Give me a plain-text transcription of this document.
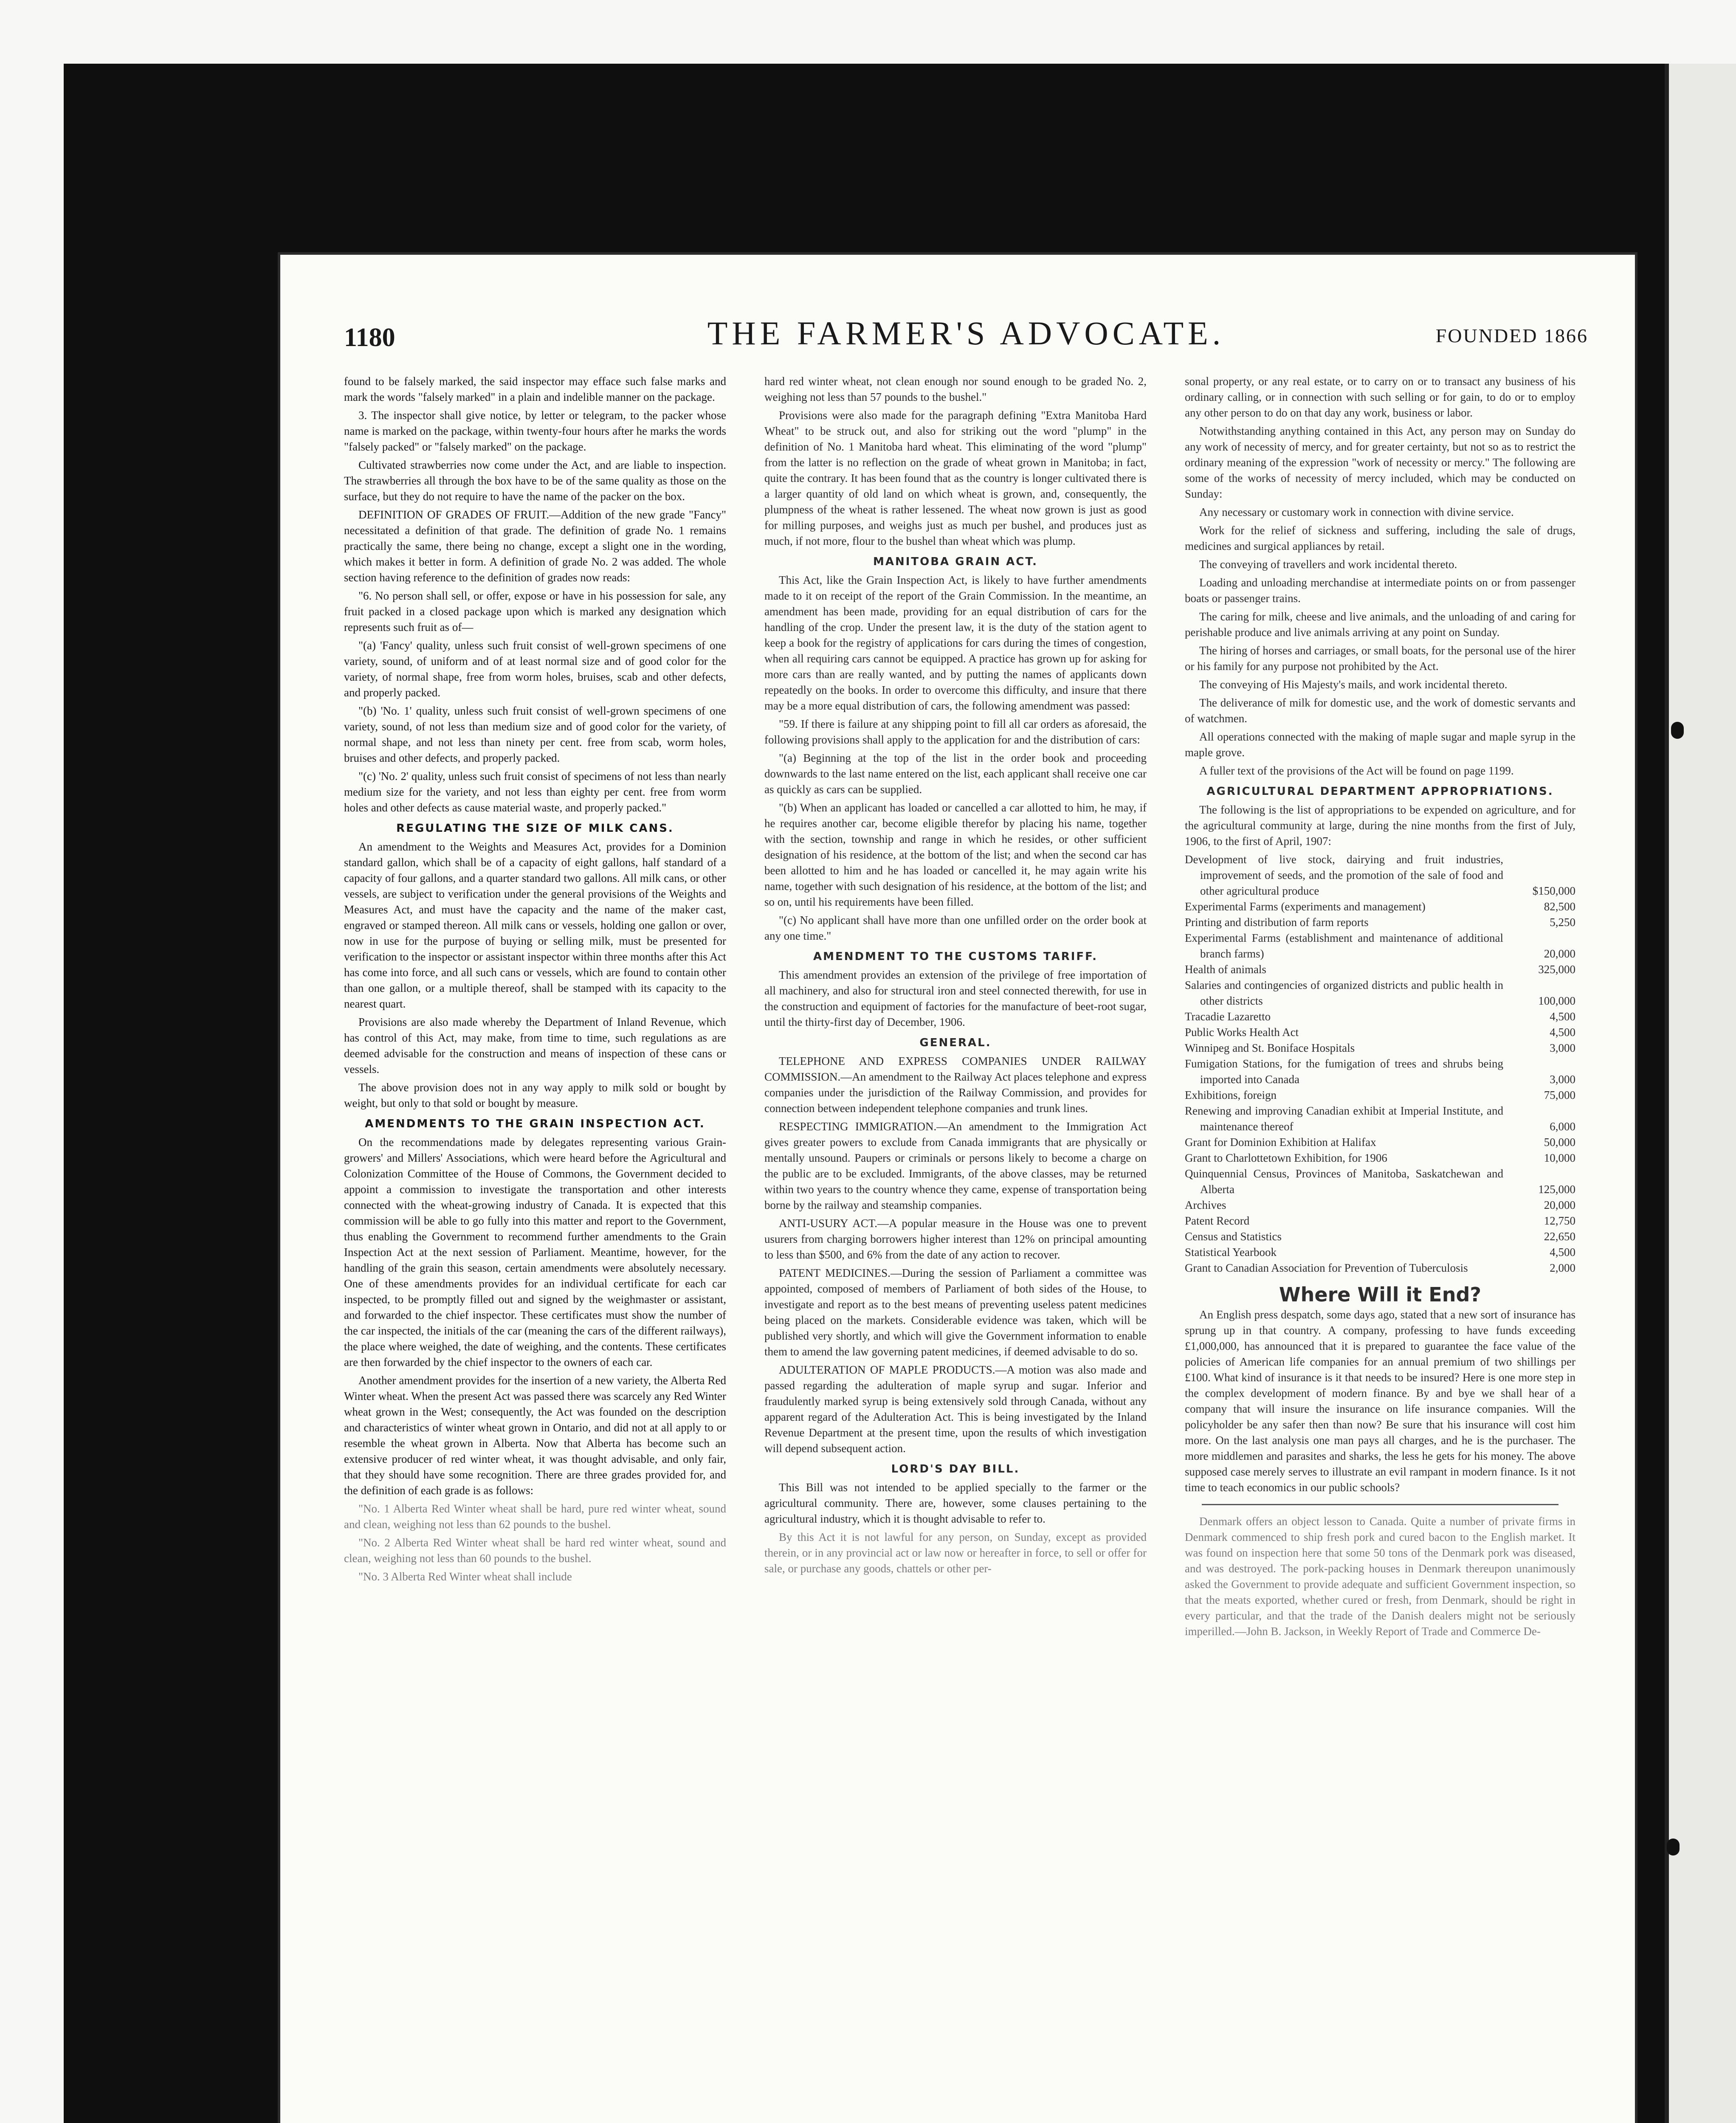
1180	THE FARMER'S ADVOCATE.	FOUNDED 1866

found to be falsely marked, the said inspector may efface such false marks and mark the words "falsely marked" in a plain and indelible manner on the package.

3. The inspector shall give notice, by letter or telegram, to the packer whose name is marked on the package, within twenty-four hours after he marks the words "falsely packed" or "falsely marked" on the package.

Cultivated strawberries now come under the Act, and are liable to inspection. The strawberries all through the box have to be of the same quality as those on the surface, but they do not require to have the name of the packer on the box.

DEFINITION OF GRADES OF FRUIT.—Addition of the new grade "Fancy" necessitated a definition of that grade. The definition of grade No. 1 remains practically the same, there being no change, except a slight one in the wording, which makes it better in form. A definition of grade No. 2 was added. The whole section having reference to the definition of grades now reads:

"6. No person shall sell, or offer, expose or have in his possession for sale, any fruit packed in a closed package upon which is marked any designation which represents such fruit as of—

"(a) 'Fancy' quality, unless such fruit consist of well-grown specimens of one variety, sound, of uniform and of at least normal size and of good color for the variety, of normal shape, free from worm holes, bruises, scab and other defects, and properly packed.

"(b) 'No. 1' quality, unless such fruit consist of well-grown specimens of one variety, sound, of not less than medium size and of good color for the variety, of normal shape, and not less than ninety per cent. free from scab, worm holes, bruises and other defects, and properly packed.

"(c) 'No. 2' quality, unless such fruit consist of specimens of not less than nearly medium size for the variety, and not less than eighty per cent. free from worm holes and other defects as cause material waste, and properly packed."

REGULATING THE SIZE OF MILK CANS.

An amendment to the Weights and Measures Act, provides for a Dominion standard gallon, which shall be of a capacity of eight gallons, half standard of a capacity of four gallons, and a quarter standard two gallons. All milk cans, or other vessels, are subject to verification under the general provisions of the Weights and Measures Act, and must have the capacity and the name of the maker cast, engraved or stamped thereon. All milk cans or vessels, holding one gallon or over, now in use for the purpose of buying or selling milk, must be presented for verification to the inspector or assistant inspector within three months after this Act has come into force, and all such cans or vessels, which are found to contain other than one gallon, or a multiple thereof, shall be stamped with its capacity to the nearest quart.

Provisions are also made whereby the Department of Inland Revenue, which has control of this Act, may make, from time to time, such regulations as are deemed advisable for the construction and means of inspection of these cans or vessels.

The above provision does not in any way apply to milk sold or bought by weight, but only to that sold or bought by measure.

AMENDMENTS TO THE GRAIN INSPECTION ACT.

On the recommendations made by delegates representing various Grain-growers' and Millers' Associations, which were heard before the Agricultural and Colonization Committee of the House of Commons, the Government decided to appoint a commission to investigate the transportation and other interests connected with the wheat-growing industry of Canada. It is expected that this commission will be able to go fully into this matter and report to the Government, thus enabling the Government to recommend further amendments to the Grain Inspection Act at the next session of Parliament. Meantime, however, for the handling of the grain this season, certain amendments were absolutely necessary. One of these amendments provides for an individual certificate for each car inspected, to be promptly filled out and signed by the weighmaster or assistant, and forwarded to the chief inspector. These certificates must show the number of the car inspected, the initials of the car (meaning the cars of the different railways), the place where weighed, the date of weighing, and the contents. These certificates are then forwarded by the chief inspector to the owners of each car.

Another amendment provides for the insertion of a new variety, the Alberta Red Winter wheat. When the present Act was passed there was scarcely any Red Winter wheat grown in the West; consequently, the Act was founded on the description and characteristics of winter wheat grown in Ontario, and did not at all apply to or resemble the wheat grown in Alberta. Now that Alberta has become such an extensive producer of red winter wheat, it was thought advisable, and only fair, that they should have some recognition. There are three grades provided for, and the definition of each grade is as follows:

"No. 1 Alberta Red Winter wheat shall be hard, pure red winter wheat, sound and clean, weighing not less than 62 pounds to the bushel.

"No. 2 Alberta Red Winter wheat shall be hard red winter wheat, sound and clean, weighing not less than 60 pounds to the bushel.

"No. 3 Alberta Red Winter wheat shall include

hard red winter wheat, not clean enough nor sound enough to be graded No. 2, weighing not less than 57 pounds to the bushel."

Provisions were also made for the paragraph defining "Extra Manitoba Hard Wheat" to be struck out, and also for striking out the word "plump" in the definition of No. 1 Manitoba hard wheat. This eliminating of the word "plump" from the latter is no reflection on the grade of wheat grown in Manitoba; in fact, quite the contrary. It has been found that as the country is longer cultivated there is a larger quantity of old land on which wheat is grown, and, consequently, the plumpness of the wheat is rather lessened. The wheat now grown is just as good for milling purposes, and weighs just as much per bushel, and produces just as much, if not more, flour to the bushel than wheat which was plump.

MANITOBA GRAIN ACT.

This Act, like the Grain Inspection Act, is likely to have further amendments made to it on receipt of the report of the Grain Commission. In the meantime, an amendment has been made, providing for an equal distribution of cars for the handling of the crop. Under the present law, it is the duty of the station agent to keep a book for the registry of applications for cars during the times of congestion, when all requiring cars cannot be equipped. A practice has grown up for asking for more cars than are really wanted, and by putting the names of applicants down repeatedly on the books. In order to overcome this difficulty, and insure that there may be a more equal distribution of cars, the following amendment was passed:

"59. If there is failure at any shipping point to fill all car orders as aforesaid, the following provisions shall apply to the application for and the distribution of cars:

"(a) Beginning at the top of the list in the order book and proceeding downwards to the last name entered on the list, each applicant shall receive one car as quickly as cars can be supplied.

"(b) When an applicant has loaded or cancelled a car allotted to him, he may, if he requires another car, become eligible therefor by placing his name, together with the section, township and range in which he resides, or other sufficient designation of his residence, at the bottom of the list; and when the second car has been allotted to him and he has loaded or cancelled it, he may again write his name, together with such designation of his residence, at the bottom of the list; and so on, until his requirements have been filled.

"(c) No applicant shall have more than one unfilled order on the order book at any one time."

AMENDMENT TO THE CUSTOMS TARIFF.

This amendment provides an extension of the privilege of free importation of all machinery, and also for structural iron and steel connected therewith, for use in the construction and equipment of factories for the manufacture of beet-root sugar, until the thirty-first day of December, 1906.

GENERAL.

TELEPHONE AND EXPRESS COMPANIES UNDER RAILWAY COMMISSION.—An amendment to the Railway Act places telephone and express companies under the jurisdiction of the Railway Commission, and provides for connection between independent telephone companies and trunk lines.

RESPECTING IMMIGRATION.—An amendment to the Immigration Act gives greater powers to exclude from Canada immigrants that are physically or mentally unsound. Paupers or criminals or persons likely to become a charge on the public are to be excluded. Immigrants, of the above classes, may be returned within two years to the country whence they came, expense of transportation being borne by the railway and steamship companies.

ANTI-USURY ACT.—A popular measure in the House was one to prevent usurers from charging borrowers higher interest than 12% on principal amounting to less than $500, and 6% from the date of any action to recover.

PATENT MEDICINES.—During the session of Parliament a committee was appointed, composed of members of Parliament of both sides of the House, to investigate and report as to the best means of preventing useless patent medicines being placed on the markets. Considerable evidence was taken, which will be published very shortly, and which will give the Government information to enable them to amend the law governing patent medicines, if deemed advisable to do so.

ADULTERATION OF MAPLE PRODUCTS.—A motion was also made and passed regarding the adulteration of maple syrup and sugar. Inferior and fraudulently marked syrup is being extensively sold through Canada, without any apparent regard of the Adulteration Act. This is being investigated by the Inland Revenue Department at the present time, upon the results of which investigation will depend subsequent action.

LORD'S DAY BILL.

This Bill was not intended to be applied specially to the farmer or the agricultural community. There are, however, some clauses pertaining to the agricultural industry, which it is thought advisable to refer to.

By this Act it is not lawful for any person, on Sunday, except as provided therein, or in any provincial act or law now or hereafter in force, to sell or offer for sale, or purchase any goods, chattels or other per-

sonal property, or any real estate, or to carry on or to transact any business of his ordinary calling, or in connection with such selling or for gain, to do or to employ any other person to do on that day any work, business or labor.

Notwithstanding anything contained in this Act, any person may on Sunday do any work of necessity of mercy, and for greater certainty, but not so as to restrict the ordinary meaning of the expression "work of necessity or mercy." The following are some of the works of necessity of mercy included, which may be conducted on Sunday:

Any necessary or customary work in connection with divine service.

Work for the relief of sickness and suffering, including the sale of drugs, medicines and surgical appliances by retail.

The conveying of travellers and work incidental thereto.

Loading and unloading merchandise at intermediate points on or from passenger boats or passenger trains.

The caring for milk, cheese and live animals, and the unloading of and caring for perishable produce and live animals arriving at any point on Sunday.

The hiring of horses and carriages, or small boats, for the personal use of the hirer or his family for any purpose not prohibited by the Act.

The conveying of His Majesty's mails, and work incidental thereto.

The deliverance of milk for domestic use, and the work of domestic servants and of watchmen.

All operations connected with the making of maple sugar and maple syrup in the maple grove.

A fuller text of the provisions of the Act will be found on page 1199.

AGRICULTURAL DEPARTMENT APPROPRIATIONS.

The following is the list of appropriations to be expended on agriculture, and for the agricultural community at large, during the nine months from the first of July, 1906, to the first of April, 1907:

Development of live stock, dairying and fruit industries, improvement of seeds, and the promotion of the sale of food and other agricultural produce	$150,000
Experimental Farms (experiments and management)	82,500
Printing and distribution of farm reports	5,250
Experimental Farms (establishment and maintenance of additional branch farms)	20,000
Health of animals	325,000
Salaries and contingencies of organized districts and public health in other districts	100,000
Tracadie Lazaretto	4,500
Public Works Health Act	4,500
Winnipeg and St. Boniface Hospitals	3,000
Fumigation Stations, for the fumigation of trees and shrubs being imported into Canada	3,000
Exhibitions, foreign	75,000
Renewing and improving Canadian exhibit at Imperial Institute, and maintenance thereof	6,000
Grant for Dominion Exhibition at Halifax	50,000
Grant to Charlottetown Exhibition, for 1906	10,000
Quinquennial Census, Provinces of Manitoba, Saskatchewan and Alberta	125,000
Archives	20,000
Patent Record	12,750
Census and Statistics	22,650
Statistical Yearbook	4,500
Grant to Canadian Association for Prevention of Tuberculosis	2,000
Where Will it End?

An English press despatch, some days ago, stated that a new sort of insurance has sprung up in that country. A company, professing to have funds exceeding £1,000,000, has announced that it is prepared to guarantee the face value of the policies of American life companies for an annual premium of two shillings per £100. What kind of insurance is it that needs to be insured? Here is one more step in the complex development of modern finance. By and bye we shall hear of a company that will insure the insurance on life insurance companies. Will the policyholder be any safer then than now? Be sure that his insurance will cost him more. On the last analysis one man pays all charges, and he is the purchaser. The more middlemen and parasites and sharks, the less he gets for his money. The above supposed case merely serves to illustrate an evil rampant in modern finance. Is it not time to teach economics in our public schools?

Denmark offers an object lesson to Canada. Quite a number of private firms in Denmark commenced to ship fresh pork and cured bacon to the English market. It was found on inspection here that some 50 tons of the Denmark pork was diseased, and was destroyed. The pork-packing houses in Denmark thereupon unanimously asked the Government to provide adequate and sufficient Government inspection, so that the meats exported, whether cured or fresh, from Denmark, should be right in every particular, and that the trade of the Danish dealers might not be seriously imperilled.—John B. Jackson, in Weekly Report of Trade and Commerce De-
